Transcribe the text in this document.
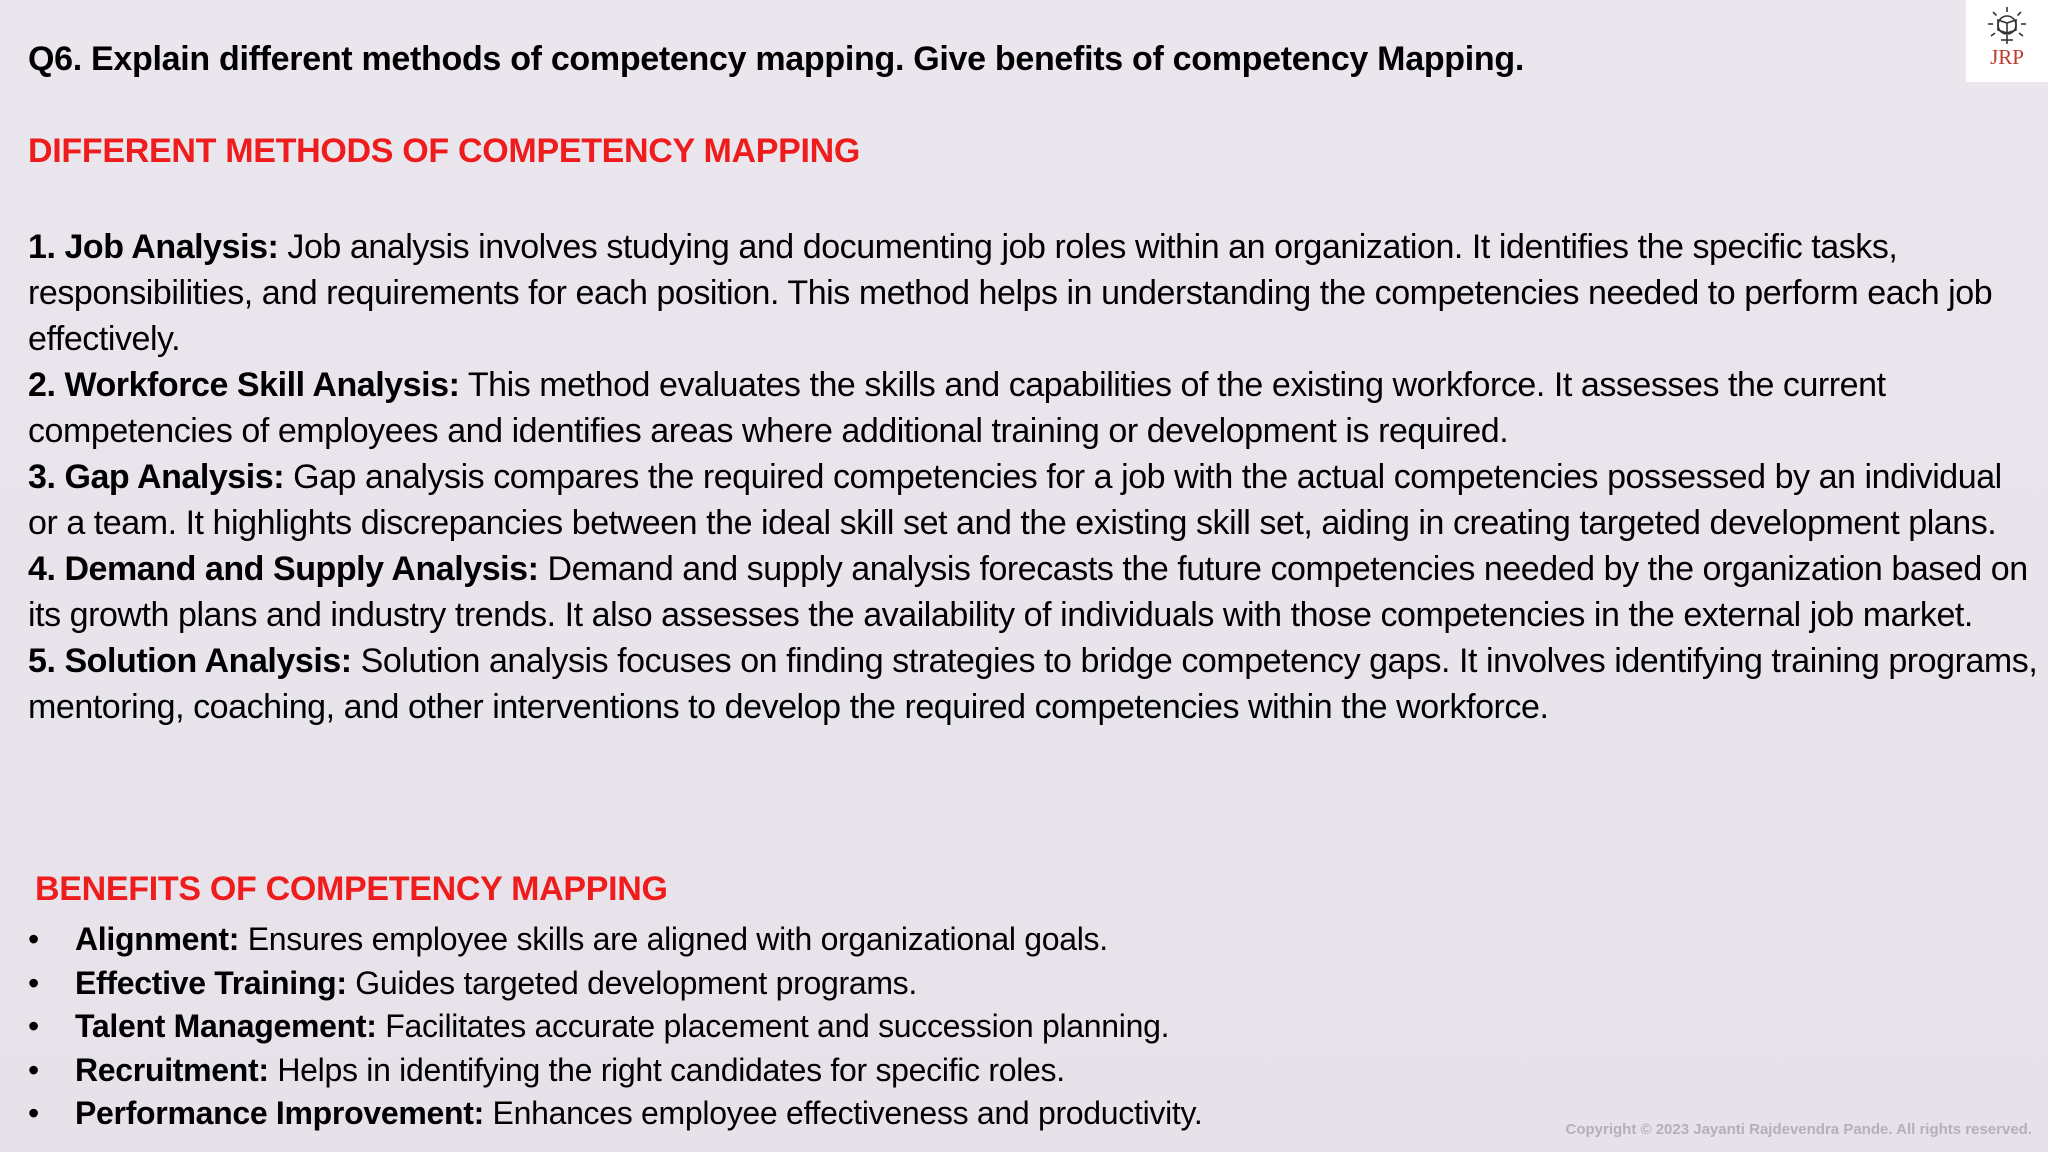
Q6. Explain different methods of competency mapping. Give benefits of competency Mapping.
DIFFERENT METHODS OF COMPETENCY MAPPING

1. Job Analysis: Job analysis involves studying and documenting job roles within an organization. It identifies the specific tasks, responsibilities, and requirements for each position. This method helps in understanding the competencies needed to perform each job effectively.

2. Workforce Skill Analysis: This method evaluates the skills and capabilities of the existing workforce. It assesses the current competencies of employees and identifies areas where additional training or development is required.

3. Gap Analysis: Gap analysis compares the required competencies for a job with the actual competencies possessed by an individual or a team. It highlights discrepancies between the ideal skill set and the existing skill set, aiding in creating targeted development plans.

4. Demand and Supply Analysis: Demand and supply analysis forecasts the future competencies needed by the organization based on its growth plans and industry trends. It also assesses the availability of individuals with those competencies in the external job market.

5. Solution Analysis: Solution analysis focuses on finding strategies to bridge competency gaps. It involves identifying training programs, mentoring, coaching, and other interventions to develop the required competencies within the workforce.

BENEFITS OF COMPETENCY MAPPING
• Alignment: Ensures employee skills are aligned with organizational goals.
• Effective Training: Guides targeted development programs.
• Talent Management: Facilitates accurate placement and succession planning.
• Recruitment: Helps in identifying the right candidates for specific roles.
• Performance Improvement: Enhances employee effectiveness and productivity.
JRP
Copyright © 2023 Jayanti Rajdevendra Pande. All rights reserved.
